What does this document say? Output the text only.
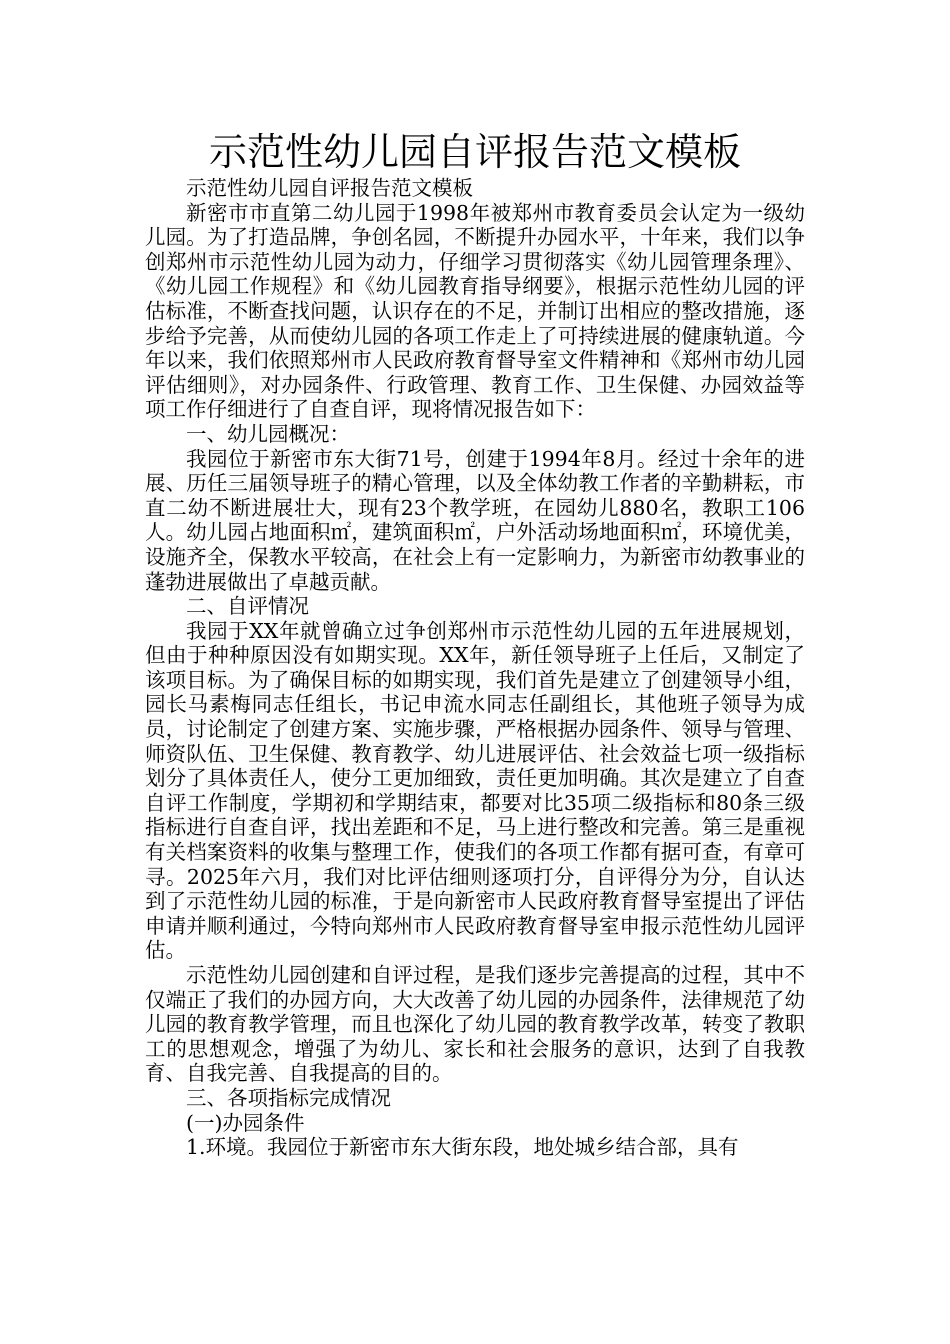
示范性幼儿园自评报告范文模板

示范性幼儿园自评报告范文模板

新密市市直第二幼儿园于1998年被郑州市教育委员会认定为一级幼儿园。为了打造品牌，争创名园，不断提升办园水平，十年来，我们以争创郑州市示范性幼儿园为动力，仔细学习贯彻落实《幼儿园管理条理》、《幼儿园工作规程》和《幼儿园教育指导纲要》，根据示范性幼儿园的评估标准，不断查找问题，认识存在的不足，并制订出相应的整改措施，逐步给予完善，从而使幼儿园的各项工作走上了可持续进展的健康轨道。今年以来，我们依照郑州市人民政府教育督导室文件精神和《郑州市幼儿园评估细则》，对办园条件、行政管理、教育工作、卫生保健、办园效益等项工作仔细进行了自查自评，现将情况报告如下：

一、幼儿园概况：

我园位于新密市东大街71号，创建于1994年8月。经过十余年的进展、历任三届领导班子的精心管理，以及全体幼教工作者的辛勤耕耘，市直二幼不断进展壮大，现有23个教学班，在园幼儿880名，教职工106人。幼儿园占地面积㎡，建筑面积㎡，户外活动场地面积㎡，环境优美，设施齐全，保教水平较高，在社会上有一定影响力，为新密市幼教事业的蓬勃进展做出了卓越贡献。

二、自评情况

我园于XX年就曾确立过争创郑州市示范性幼儿园的五年进展规划，但由于种种原因没有如期实现。XX年，新任领导班子上任后，又制定了该项目标。为了确保目标的如期实现，我们首先是建立了创建领导小组，园长马素梅同志任组长，书记申流水同志任副组长，其他班子领导为成员，讨论制定了创建方案、实施步骤，严格根据办园条件、领导与管理、师资队伍、卫生保健、教育教学、幼儿进展评估、社会效益七项一级指标划分了具体责任人，使分工更加细致，责任更加明确。其次是建立了自查自评工作制度，学期初和学期结束，都要对比35项二级指标和80条三级指标进行自查自评，找出差距和不足，马上进行整改和完善。第三是重视有关档案资料的收集与整理工作，使我们的各项工作都有据可查，有章可寻。2025年六月，我们对比评估细则逐项打分，自评得分为分，自认达到了示范性幼儿园的标准，于是向新密市人民政府教育督导室提出了评估申请并顺利通过，今特向郑州市人民政府教育督导室申报示范性幼儿园评估。

示范性幼儿园创建和自评过程，是我们逐步完善提高的过程，其中不仅端正了我们的办园方向，大大改善了幼儿园的办园条件，法律规范了幼儿园的教育教学管理，而且也深化了幼儿园的教育教学改革，转变了教职工的思想观念，增强了为幼儿、家长和社会服务的意识，达到了自我教育、自我完善、自我提高的目的。

三、各项指标完成情况

(一)办园条件

1.环境。我园位于新密市东大街东段，地处城乡结合部，具有
